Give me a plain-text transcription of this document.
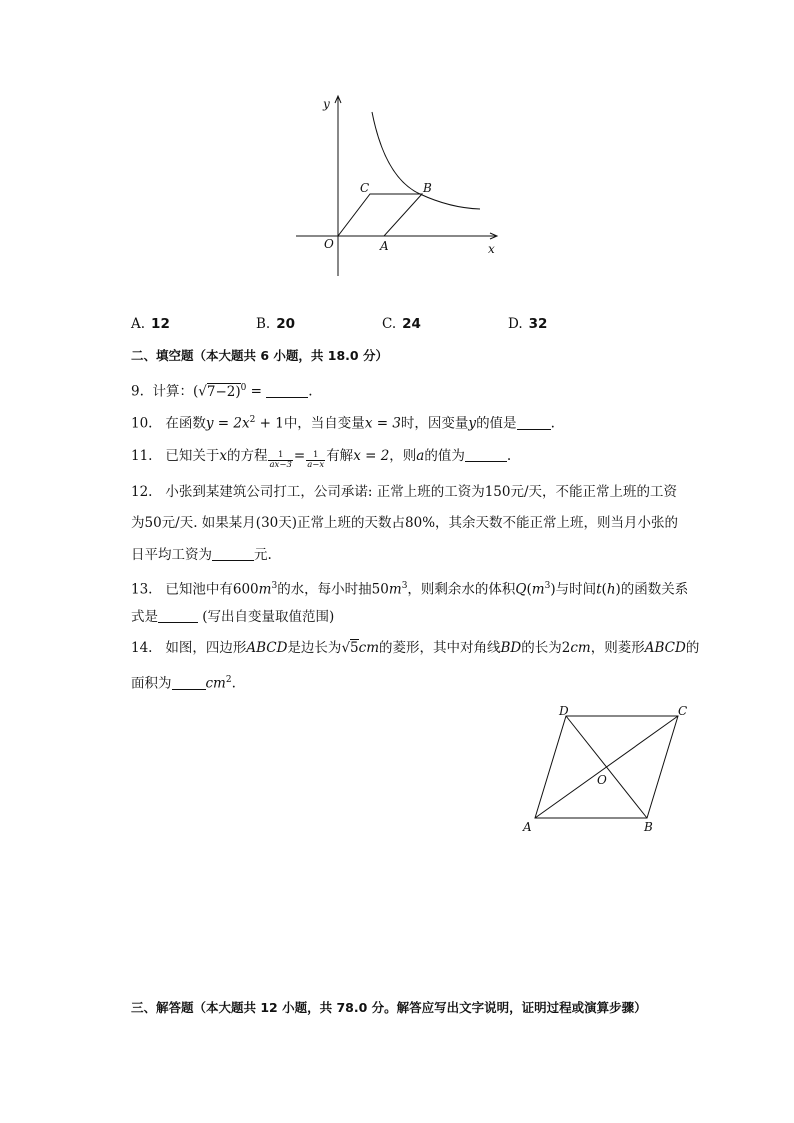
y
x
O	A
B
C
A. 12	B. 20	C. 24	D. 32
二、填空题（本大题共 6 小题，共 18.0 分）
9. 计算：$(√7-2)^0$ =	.
10. 在函数$y = 2x^2 + 1$中，当自变量x = 3时，因变量y的值是	.
11. 已知关于x的方程 $\frac{1}{ax-3} = \frac{1}{a-x}$ 有解x = 2，则a的值为	.
12. 小张到某建筑公司打工，公司承诺: 正常上班的工资为150元/天，不能正常上班的工资
为50元/天. 如果某月(30天)正常上班的天数占80%，其余天数不能正常上班，则当月小张的
日平均工资为	元.
13. 已知池中有$600m^3$的水，每小时抽$50m^3$，则剩余水的体积$Q(m^3)$与时间t(h)的函数关系
式是	(写出自变量取值范围)
14. 如图，四边形ABCD是边长为√5cm的菱形，其中对角线BD的长为2cm，则菱形ABCD的
面积为	$cm^2$.
D	C
A	B
O
三、解答题（本大题共 12 小题，共 78.0 分。解答应写出文字说明，证明过程或演算步骤）
